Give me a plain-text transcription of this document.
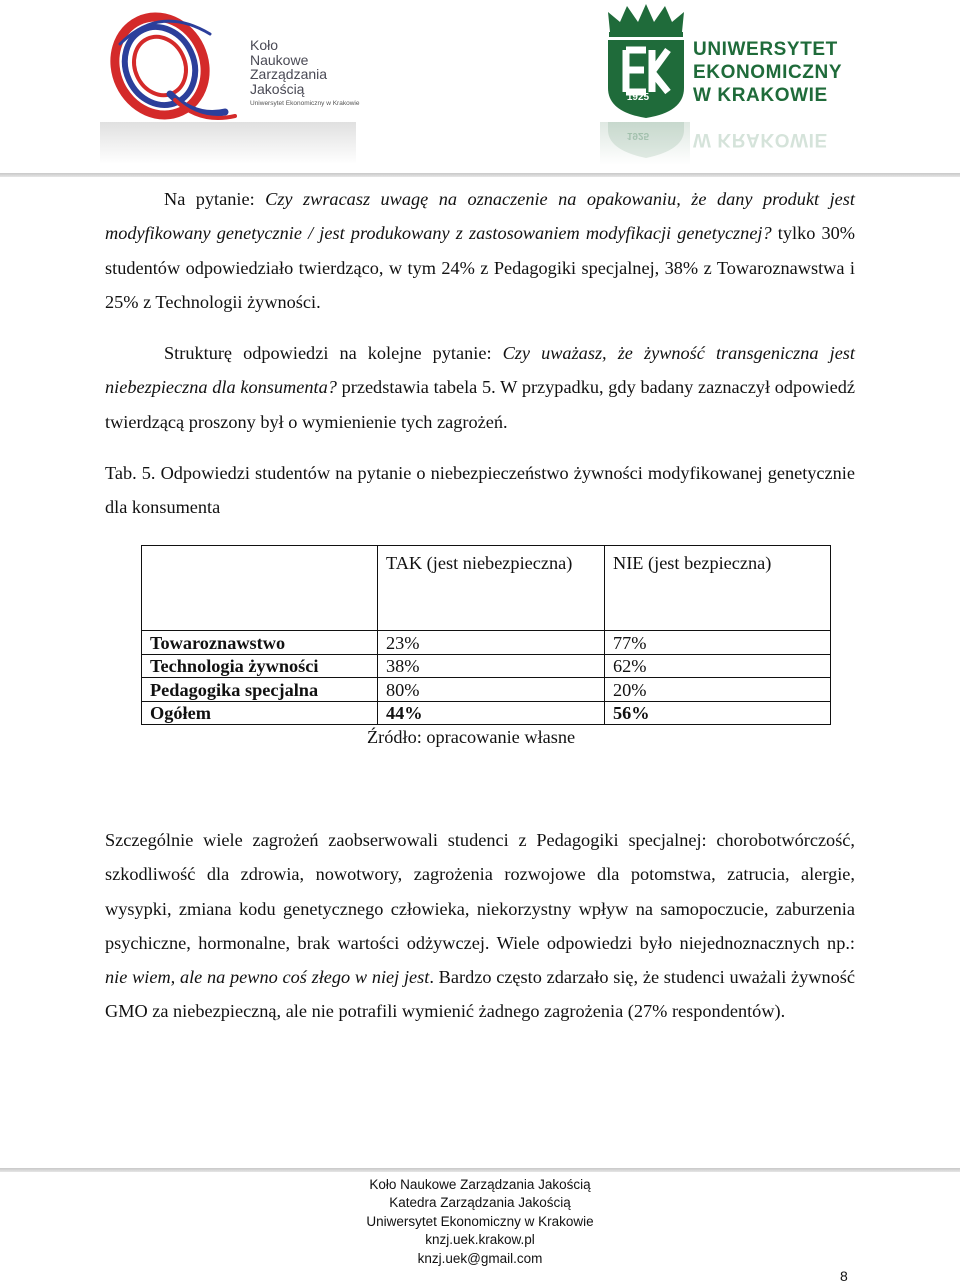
Koło
Naukowe
Zarządzania
Jakością
Uniwersytet Ekonomiczny w Krakowie
1925
UNIWERSYTET
EKONOMICZNY
W KRAKOWIE
W KRAKOWIE
1925
Na pytanie: Czy zwracasz uwagę na oznaczenie na opakowaniu, że dany produkt jest modyfikowany genetycznie / jest produkowany z zastosowaniem modyfikacji genetycznej? tylko 30% studentów odpowiedziało twierdząco, w tym 24% z Pedagogiki specjalnej, 38% z Towaroznawstwa i 25% z Technologii żywności.
Strukturę odpowiedzi na kolejne pytanie: Czy uważasz, że żywność transgeniczna jest niebezpieczna dla konsumenta? przedstawia tabela 5. W przypadku, gdy badany zaznaczył odpowiedź twierdzącą proszony był o wymienienie tych zagrożeń.
Tab. 5. Odpowiedzi studentów na pytanie o niebezpieczeństwo żywności modyfikowanej genetycznie dla konsumenta

	TAK (jest niebezpieczna)	NIE (jest bezpieczna)

Towaroznawstwo	23%	77%
Technologia żywności	38%	62%
Pedagogika specjalna	80%	20%
Ogółem	44%	56%
Źródło: opracowanie własne
Szczególnie wiele zagrożeń zaobserwowali studenci z Pedagogiki specjalnej: chorobotwórczość, szkodliwość dla zdrowia, nowotwory, zagrożenia rozwojowe dla potomstwa, zatrucia, alergie, wysypki, zmiana kodu genetycznego człowieka, niekorzystny wpływ na samopoczucie, zaburzenia psychiczne, hormonalne, brak wartości odżywczej. Wiele odpowiedzi było niejednoznacznych np.: nie wiem, ale na pewno coś złego w niej jest. Bardzo często zdarzało się, że studenci uważali żywność GMO za niebezpieczną, ale nie potrafili wymienić żadnego zagrożenia (27% respondentów).
Koło Naukowe Zarządzania Jakością
Katedra Zarządzania Jakością
Uniwersytet Ekonomiczny w Krakowie
knzj.uek.krakow.pl
knzj.uek@gmail.com
8
